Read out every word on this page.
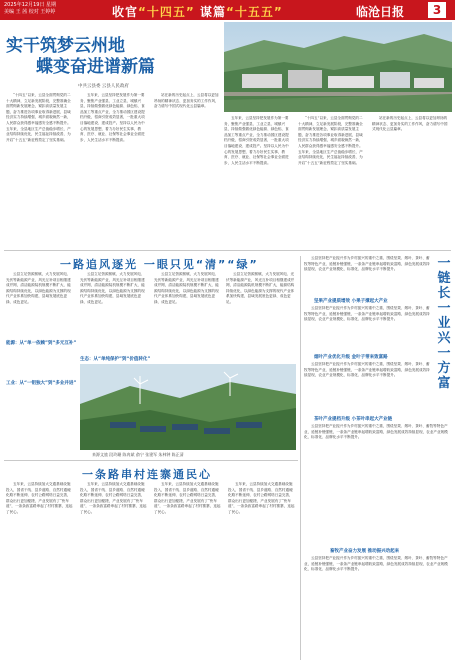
2025年12月19日 星期
美编 王 茜 校对 王婷婷	收官“十四五” 谋篇“十五五”	临沧日报	3
实干筑梦云州地
蝶变奋进谱新篇
中共云县委 云县人民政府
“十四五”以来，云县全面贯彻党的二十大精神，立足新发展阶段，完整准确全面贯彻新发展理念，紧扣高质量发展主题，奋力推进各项事业取得新进展，县域经济实力持续增强，城乡面貌焕然一新，人民群众获得感幸福感安全感不断提升。五年来，全县地区生产总值稳步增长，产业结构持续优化，民生福祉持续改善，为开启“十五五”新征程奠定了坚实基础。
五年来，云县坚持把发展作为第一要务，聚焦产业强县、工业立县、城镇兴县，持续做强做优绿色能源、绿色铝、食品加工等重点产业，全力推动园区建设提档升级，招商引资成效显著，一批重大项目落地建设、建成投产。坚持以人民为中心的发展思想，着力办好民生实事，教育、医疗、就业、社保等社会事业全面进步，人民生活水平不断提高。
站在新的历史起点上，云县将以更加昂扬的精神状态、更加务实的工作作风，奋力谱写中国式现代化云县篇章。
五年来，云县坚持把发展作为第一要务，聚焦产业强县、工业立县、城镇兴县，持续做强做优绿色能源、绿色铝、食品加工等重点产业，全力推动园区建设提档升级，招商引资成效显著，一批重大项目落地建设、建成投产。坚持以人民为中心的发展思想，着力办好民生实事，教育、医疗、就业、社保等社会事业全面进步，人民生活水平不断提高。
“十四五”以来，云县全面贯彻党的二十大精神，立足新发展阶段，完整准确全面贯彻新发展理念，紧扣高质量发展主题，奋力推进各项事业取得新进展，县域经济实力持续增强，城乡面貌焕然一新，人民群众获得感幸福感安全感不断提升。五年来，全县地区生产总值稳步增长，产业结构持续优化，民生福祉持续改善，为开启“十五五”新征程奠定了坚实基础。
站在新的历史起点上，云县将以更加昂扬的精神状态、更加务实的工作作风，奋力谱写中国式现代化云县篇章。
一路追风逐光 一眼只见“清”“绿”
云县立足资源禀赋，大力发展风电、光伏等新能源产业，风光互补项目相继建成并网，清洁能源装机规模不断扩大，能源结构持续优化，以绿色能源为支撑的现代产业体系加快构建，县域发展底色更绿、成色更足。
能源：从“单一依赖”到“多元互补”
工业：从“一铝独大”到“多业并进”
云县立足资源禀赋，大力发展风电、光伏等新能源产业，风光互补项目相继建成并网，清洁能源装机规模不断扩大，能源结构持续优化，以绿色能源为支撑的现代产业体系加快构建，县域发展底色更绿、成色更足。
生态：从“单纯保护”到“价值转化”
云县立足资源禀赋，大力发展风电、光伏等新能源产业，风光互补项目相继建成并网，清洁能源装机规模不断扩大，能源结构持续优化，以绿色能源为支撑的现代产业体系加快构建，县域发展底色更绿、成色更足。
来源文旅 段玲珊 陈冉斌 俞宁 张建军 朱林钟 陈正清
云县立足资源禀赋，大力发展风电、光伏等新能源产业，风光互补项目相继建成并网，清洁能源装机规模不断扩大，能源结构持续优化，以绿色能源为支撑的现代产业体系加快构建，县域发展底色更绿、成色更足。
一条路串村连寨通民心
五年来，云县持续加大交通基础设施投入，国省干线、县乡道路、自然村通硬化路不断延伸，农村公路网络日益完善，群众出行更加便捷，产业发展有了“快车道”，一条条致富路串起了村村寨寨，连起了民心。
五年来，云县持续加大交通基础设施投入，国省干线、县乡道路、自然村通硬化路不断延伸，农村公路网络日益完善，群众出行更加便捷，产业发展有了“快车道”，一条条致富路串起了村村寨寨，连起了民心。
五年来，云县持续加大交通基础设施投入，国省干线、县乡道路、自然村通硬化路不断延伸，农村公路网络日益完善，群众出行更加便捷，产业发展有了“快车道”，一条条致富路串起了村村寨寨，连起了民心。
五年来，云县持续加大交通基础设施投入，国省干线、县乡道路、自然村通硬化路不断延伸，农村公路网络日益完善，群众出行更加便捷，产业发展有了“快车道”，一条条致富路串起了村村寨寨，连起了民心。
云县坚持把产业振兴作为乡村振兴的重中之重，围绕坚果、烟叶、茶叶、畜牧等特色产业，延链补链强链，一条条产业链串起增收致富路，绿色发展成效持续显现，农业产业规模化、标准化、品牌化水平不断提升。	一
链
长
一
业
兴
一
方
富
坚果产业提质增效 小果子撑起大产业
云县坚持把产业振兴作为乡村振兴的重中之重，围绕坚果、烟叶、茶叶、畜牧等特色产业，延链补链强链，一条条产业链串起增收致富路，绿色发展成效持续显现，农业产业规模化、标准化、品牌化水平不断提升。
烟叶产业优化升级 金叶子带来致富路
云县坚持把产业振兴作为乡村振兴的重中之重，围绕坚果、烟叶、茶叶、畜牧等特色产业，延链补链强链，一条条产业链串起增收致富路，绿色发展成效持续显现，农业产业规模化、标准化、品牌化水平不断提升。
茶叶产业提档升级 小茶叶串起大产业链
云县坚持把产业振兴作为乡村振兴的重中之重，围绕坚果、烟叶、茶叶、畜牧等特色产业，延链补链强链，一条条产业链串起增收致富路，绿色发展成效持续显现，农业产业规模化、标准化、品牌化水平不断提升。
畜牧产业奋力发展 推动振兴动起来
云县坚持把产业振兴作为乡村振兴的重中之重，围绕坚果、烟叶、茶叶、畜牧等特色产业，延链补链强链，一条条产业链串起增收致富路，绿色发展成效持续显现，农业产业规模化、标准化、品牌化水平不断提升。
